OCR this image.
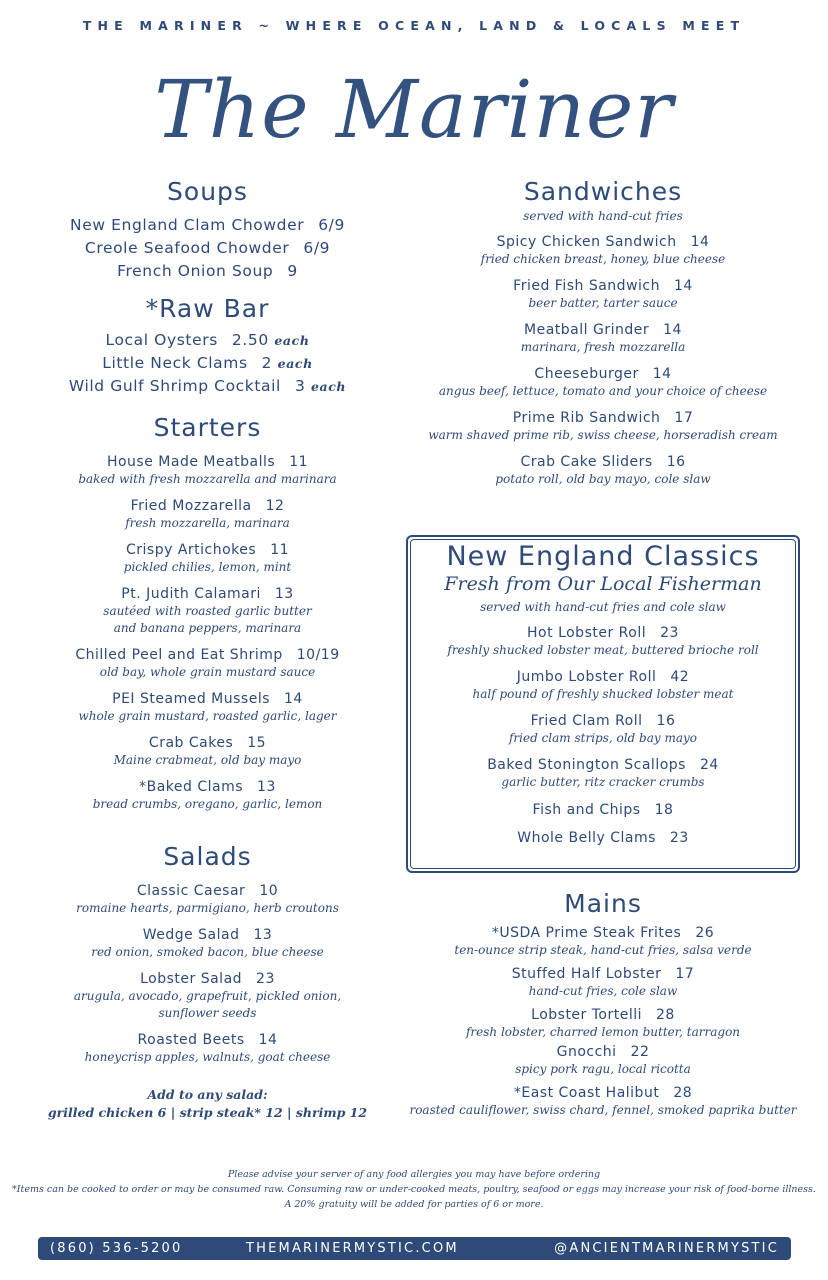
THE MARINER ~ WHERE OCEAN, LAND & LOCALS MEET
The Mariner
Soups
New England Clam Chowder 6/9
Creole Seafood Chowder 6/9
French Onion Soup 9
*Raw Bar
Local Oysters 2.50 each
Little Neck Clams 2 each
Wild Gulf Shrimp Cocktail 3 each
Starters
House Made Meatballs 11
baked with fresh mozzarella and marinara
Fried Mozzarella 12
fresh mozzarella, marinara
Crispy Artichokes 11
pickled chilies, lemon, mint
Pt. Judith Calamari 13
sautéed with roasted garlic butter
and banana peppers, marinara
Chilled Peel and Eat Shrimp 10/19
old bay, whole grain mustard sauce
PEI Steamed Mussels 14
whole grain mustard, roasted garlic, lager
Crab Cakes 15
Maine crabmeat, old bay mayo
*Baked Clams 13
bread crumbs, oregano, garlic, lemon
Salads
Classic Caesar 10
romaine hearts, parmigiano, herb croutons
Wedge Salad 13
red onion, smoked bacon, blue cheese
Lobster Salad 23
arugula, avocado, grapefruit, pickled onion,
sunflower seeds
Roasted Beets 14
honeycrisp apples, walnuts, goat cheese
Add to any salad:
grilled chicken 6 | strip steak* 12 | shrimp 12
Sandwiches
served with hand-cut fries
Spicy Chicken Sandwich 14
fried chicken breast, honey, blue cheese
Fried Fish Sandwich 14
beer batter, tarter sauce
Meatball Grinder 14
marinara, fresh mozzarella
Cheeseburger 14
angus beef, lettuce, tomato and your choice of cheese
Prime Rib Sandwich 17
warm shaved prime rib, swiss cheese, horseradish cream
Crab Cake Sliders 16
potato roll, old bay mayo, cole slaw
New England Classics
Fresh from Our Local Fisherman
served with hand-cut fries and cole slaw
Hot Lobster Roll 23
freshly shucked lobster meat, buttered brioche roll
Jumbo Lobster Roll 42
half pound of freshly shucked lobster meat
Fried Clam Roll 16
fried clam strips, old bay mayo
Baked Stonington Scallops 24
garlic butter, ritz cracker crumbs
Fish and Chips 18
Whole Belly Clams 23
Mains
*USDA Prime Steak Frites 26
ten-ounce strip steak, hand-cut fries, salsa verde
Stuffed Half Lobster 17
hand-cut fries, cole slaw
Lobster Tortelli 28
fresh lobster, charred lemon butter, tarragon
Gnocchi 22
spicy pork ragu, local ricotta
*East Coast Halibut 28
roasted cauliflower, swiss chard, fennel, smoked paprika butter
Please advise your server of any food allergies you may have before ordering
*Items can be cooked to order or may be consumed raw. Consuming raw or under-cooked meats, poultry, seafood or eggs may increase your risk of food-borne illness.
A 20% gratuity will be added for parties of 6 or more.
(860) 536-5200	THEMARINERMYSTIC.COM	@ANCIENTMARINERMYSTIC
